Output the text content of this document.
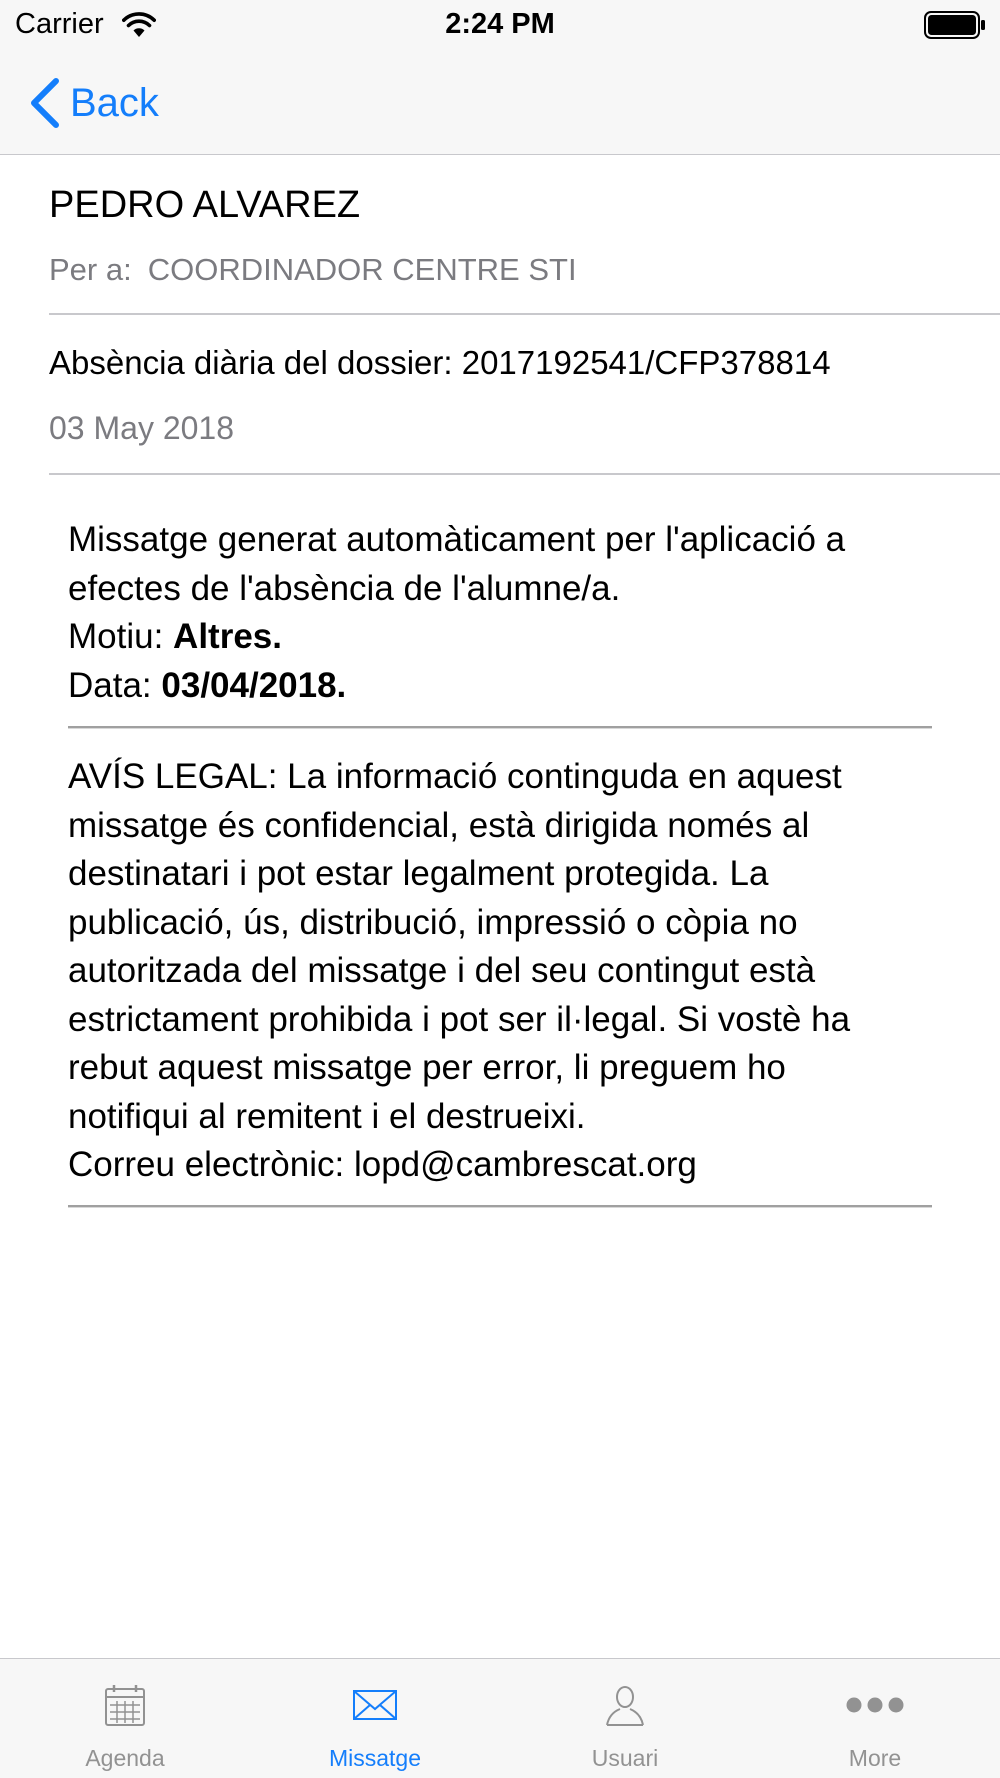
Carrier	2:24 PM
Back
PEDRO ALVAREZ
Per a: COORDINADOR CENTRE STI
Absència diària del dossier: 2017192541/CFP378814
03 May 2018
Missatge generat automàticament per l'aplicació a
efectes de l'absència de l'alumne/a.
Motiu: Altres.
Data: 03/04/2018.
AVÍS LEGAL: La informació continguda en aquest
missatge és confidencial, està dirigida només al
destinatari i pot estar legalment protegida. La
publicació, ús, distribució, impressió o còpia no
autoritzada del missatge i del seu contingut està
estrictament prohibida i pot ser il·legal. Si vostè ha
rebut aquest missatge per error, li preguem ho
notifiqui al remitent i el destrueixi.
Correu electrònic: lopd@cambrescat.org
Agenda	Missatge	Usuari	More
